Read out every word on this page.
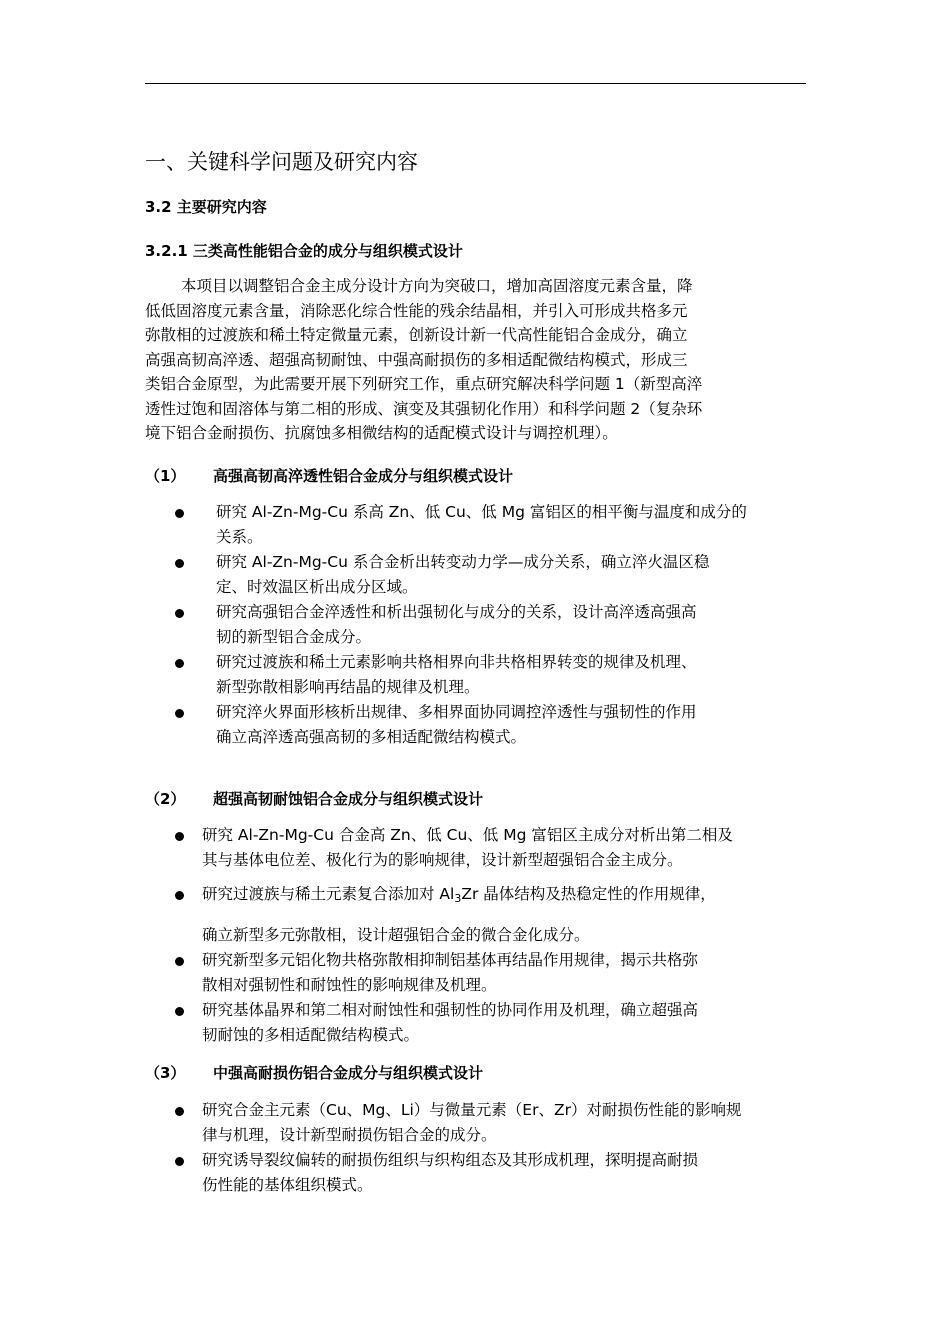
一、关键科学问题及研究内容
3.2 主要研究内容
3.2.1 三类高性能铝合金的成分与组织模式设计
本项目以调整铝合金主成分设计方向为突破口，增加高固溶度元素含量，降
低低固溶度元素含量，消除恶化综合性能的残余结晶相，并引入可形成共格多元
弥散相的过渡族和稀土特定微量元素，创新设计新一代高性能铝合金成分，确立
高强高韧高淬透、超强高韧耐蚀、中强高耐损伤的多相适配微结构模式，形成三
类铝合金原型，为此需要开展下列研究工作，重点研究解决科学问题 1（新型高淬
透性过饱和固溶体与第二相的形成、演变及其强韧化作用）和科学问题 2（复杂环
境下铝合金耐损伤、抗腐蚀多相微结构的适配模式设计与调控机理）。
（1） 高强高韧高淬透性铝合金成分与组织模式设计
研究 Al-Zn-Mg-Cu 系高 Zn、低 Cu、低 Mg 富铝区的相平衡与温度和成分的
关系。
研究 Al-Zn-Mg-Cu 系合金析出转变动力学—成分关系，确立淬火温区稳
定、时效温区析出成分区域。
研究高强铝合金淬透性和析出强韧化与成分的关系，设计高淬透高强高
韧的新型铝合金成分。
研究过渡族和稀土元素影响共格相界向非共格相界转变的规律及机理、
新型弥散相影响再结晶的规律及机理。
研究淬火界面形核析出规律、多相界面协同调控淬透性与强韧性的作用
确立高淬透高强高韧的多相适配微结构模式。
（2） 超强高韧耐蚀铝合金成分与组织模式设计
研究 Al-Zn-Mg-Cu 合金高 Zn、低 Cu、低 Mg 富铝区主成分对析出第二相及
其与基体电位差、极化行为的影响规律，设计新型超强铝合金主成分。
研究过渡族与稀土元素复合添加对 $Al_3Zr$ 晶体结构及热稳定性的作用规律，
确立新型多元弥散相，设计超强铝合金的微合金化成分。
研究新型多元铝化物共格弥散相抑制铝基体再结晶作用规律，揭示共格弥
散相对强韧性和耐蚀性的影响规律及机理。
研究基体晶界和第二相对耐蚀性和强韧性的协同作用及机理，确立超强高
韧耐蚀的多相适配微结构模式。
（3） 中强高耐损伤铝合金成分与组织模式设计
研究合金主元素（Cu、Mg、Li）与微量元素（Er、Zr）对耐损伤性能的影响规
律与机理，设计新型耐损伤铝合金的成分。
研究诱导裂纹偏转的耐损伤组织与织构组态及其形成机理，探明提高耐损
伤性能的基体组织模式。
